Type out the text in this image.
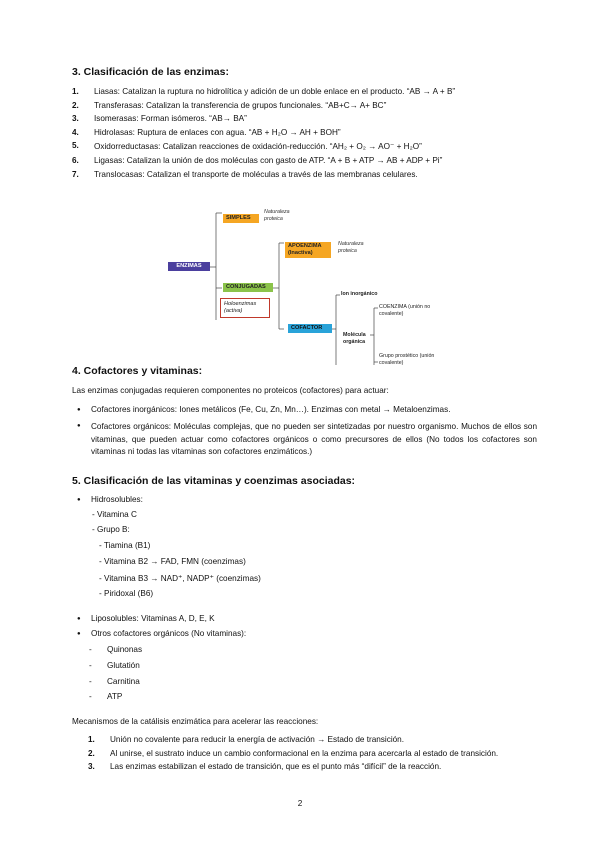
3. Clasificación de las enzimas:
1. Liasas: Catalizan la ruptura no hidrolítica y adición de un doble enlace en el producto. “AB → A + B”
2. Transferasas: Catalizan la transferencia de grupos funcionales. “AB+C→ A+ BC”
3. Isomerasas: Forman isómeros. “AB→ BA”
4. Hidrolasas: Ruptura de enlaces con agua. “AB + H₂O → AH + BOH”
5. Oxidorreductasas: Catalizan reacciones de oxidación-reducción. “AH₂ + O₂ → AO⁻ + H₂O”
6. Ligasas: Catalizan la unión de dos moléculas con gasto de ATP. “A + B + ATP → AB + ADP + Pi”
7. Translocasas: Catalizan el transporte de moléculas a través de las membranas celulares.
ENZIMAS
SIMPLES
Naturaleza proteica
CONJUGADAS
Holoenzimas (activa)
APOENZIMA (Inactiva)
Naturaleza proteica
COFACTOR
Ion inorgánico
Molécula orgánica
COENZIMA (unión no covalente)
Grupo prostético (unión covalente)
4. Cofactores y vitaminas:

Las enzimas conjugadas requieren componentes no proteicos (cofactores) para actuar:

● Cofactores inorgánicos: Iones metálicos (Fe, Cu, Zn, Mn…). Enzimas con metal → Metaloenzimas.
● Cofactores orgánicos: Moléculas complejas, que no pueden ser sintetizadas por nuestro organismo. Muchos de ellos son vitaminas, que pueden actuar como cofactores orgánicos o como precursores de ellos (No todos los cofactores son vitaminas ni todas las vitaminas son cofactores enzimáticos.)
5. Clasificación de las vitaminas y coenzimas asociadas:
● Hidrosolubles:

- Vitamina C

- Grupo B:

- Tiamina (B1)

- Vitamina B2 → FAD, FMN (coenzimas)

- Vitamina B3 → NAD⁺, NADP⁺ (coenzimas)

- Piridoxal (B6)

● Liposolubles: Vitaminas A, D, E, K
● Otros cofactores orgánicos (No vitaminas):

- Quinonas

- Glutatión

- Carnitina

- ATP

Mecanismos de la catálisis enzimática para acelerar las reacciones:

1. Unión no covalente para reducir la energía de activación → Estado de transición.
2. Al unirse, el sustrato induce un cambio conformacional en la enzima para acercarla al estado de transición.
3. Las enzimas estabilizan el estado de transición, que es el punto más “difícil” de la reacción.
2
